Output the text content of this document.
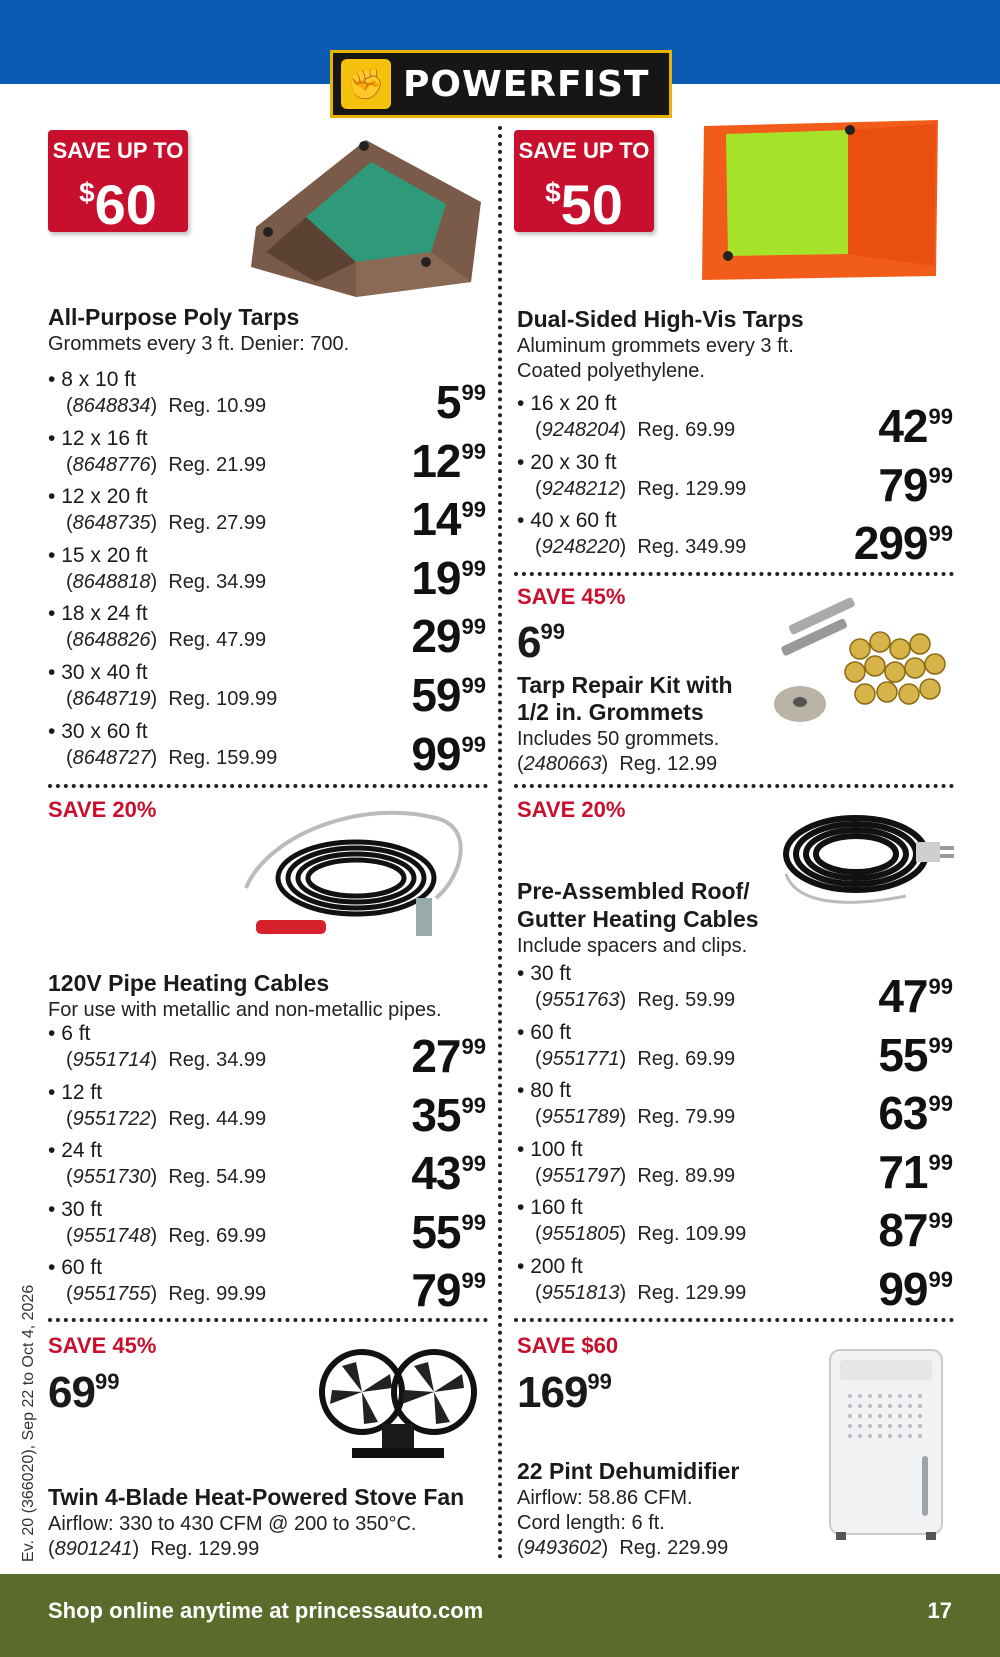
✊ POWERFIST
SAVE UP TO
$60
All-Purpose Poly Tarps
Grommets every 3 ft. Denier: 700.
• 8 x 10 ft
(8648834)  Reg. 10.99	$5^{99}$
• 12 x 16 ft
(8648776)  Reg. 21.99	$12^{99}$
• 12 x 20 ft
(8648735)  Reg. 27.99	$14^{99}$
• 15 x 20 ft
(8648818)  Reg. 34.99	$19^{99}$
• 18 x 24 ft
(8648826)  Reg. 47.99	$29^{99}$
• 30 x 40 ft
(8648719)  Reg. 109.99	$59^{99}$
• 30 x 60 ft
(8648727)  Reg. 159.99	$99^{99}$
SAVE UP TO
$50
Dual-Sided High-Vis Tarps
Aluminum grommets every 3 ft.
Coated polyethylene.
• 16 x 20 ft
(9248204)  Reg. 69.99	$42^{99}$
• 20 x 30 ft
(9248212)  Reg. 129.99	$79^{99}$
• 40 x 60 ft
(9248220)  Reg. 349.99 $299^{99}$
SAVE 45%
$6^{99}$
Tarp Repair Kit with
1/2 in. Grommets
Includes 50 grommets.
(2480663)  Reg. 12.99
SAVE 20%
120V Pipe Heating Cables
For use with metallic and non-metallic pipes.
• 6 ft
(9551714)  Reg. 34.99	$27^{99}$
• 12 ft
(9551722)  Reg. 44.99	$35^{99}$
• 24 ft
(9551730)  Reg. 54.99	$43^{99}$
• 30 ft
(9551748)  Reg. 69.99	$55^{99}$
• 60 ft
(9551755)  Reg. 99.99	$79^{99}$
SAVE 20%
Pre-Assembled Roof/
Gutter Heating Cables
Include spacers and clips.
• 30 ft
(9551763)  Reg. 59.99	$47^{99}$
• 60 ft
(9551771)  Reg. 69.99	$55^{99}$
• 80 ft
(9551789)  Reg. 79.99	$63^{99}$
• 100 ft
(9551797)  Reg. 89.99	$71^{99}$
• 160 ft
(9551805)  Reg. 109.99	$87^{99}$
• 200 ft
(9551813)  Reg. 129.99	$99^{99}$
SAVE 45%
$69^{99}$
Twin 4-Blade Heat-Powered Stove Fan
Airflow: 330 to 430 CFM @ 200 to 350°C.
(8901241)  Reg. 129.99
SAVE $60
$169^{99}$
22 Pint Dehumidifier
Airflow: 58.86 CFM.
Cord length: 6 ft.
(9493602)  Reg. 229.99
Ev. 20 (366020), Sep 22 to Oct 4, 2026
Shop online anytime at princessauto.com	17
